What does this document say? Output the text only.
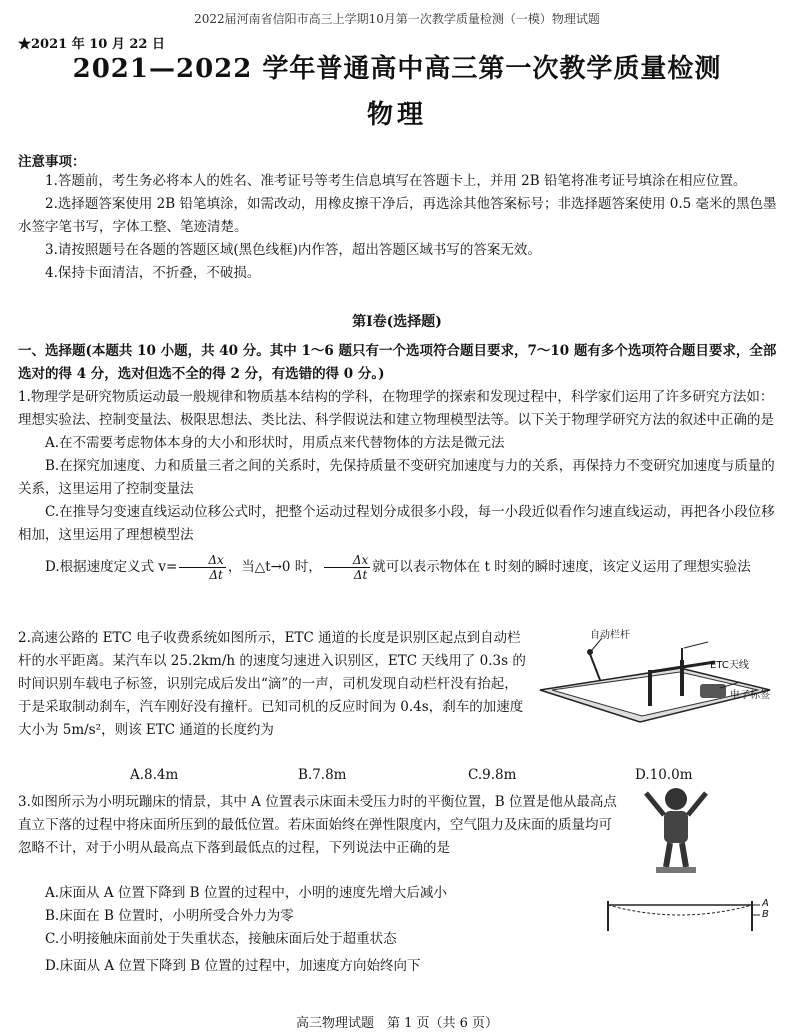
2022届河南省信阳市高三上学期10月第一次教学质量检测（一模）物理试题
★2021 年 10 月 22 日
2021—2022 学年普通高中高三第一次教学质量检测
物理
注意事项：
1.答题前，考生务必将本人的姓名、准考证号等考生信息填写在答题卡上，并用 2B 铅笔将准考证号填涂在相应位置。
2.选择题答案使用 2B 铅笔填涂，如需改动，用橡皮擦干净后，再选涂其他答案标号；非选择题答案使用 0.5 毫米的黑色墨水签字笔书写，字体工整、笔迹清楚。
3.请按照题号在各题的答题区域(黑色线框)内作答，超出答题区域书写的答案无效。
4.保持卡面清洁，不折叠，不破损。
第Ⅰ卷(选择题)
一、选择题(本题共 10 小题，共 40 分。其中 1～6 题只有一个选项符合题目要求，7～10 题有多个选项符合题目要求，全部选对的得 4 分，选对但选不全的得 2 分，有选错的得 0 分。)
1.物理学是研究物质运动最一般规律和物质基本结构的学科，在物理学的探索和发现过程中，科学家们运用了许多研究方法如：理想实验法、控制变量法、极限思想法、类比法、科学假说法和建立物理模型法等。以下关于物理学研究方法的叙述中正确的是
A.在不需要考虑物体本身的大小和形状时，用质点来代替物体的方法是微元法
B.在探究加速度、力和质量三者之间的关系时，先保持质量不变研究加速度与力的关系，再保持力不变研究加速度与质量的关系，这里运用了控制变量法
C.在推导匀变速直线运动位移公式时，把整个运动过程划分成很多小段，每一小段近似看作匀速直线运动，再把各小段位移相加，这里运用了理想模型法
D.根据速度定义式 $v= \frac{\Delta x}{\Delta t}$ ，当△t→0 时， $\frac{\Delta x}{\Delta t}$ 就可以表示物体在 t 时刻的瞬时速度，该定义运用了理想实验法
2.高速公路的 ETC 电子收费系统如图所示，ETC 通道的长度是识别区起点到自动栏杆的水平距离。某汽车以 25.2km/h 的速度匀速进入识别区，ETC 天线用了 0.3s 的时间识别车载电子标签，识别完成后发出“滴”的一声，司机发现自动栏杆没有抬起，于是采取制动刹车，汽车刚好没有撞杆。已知司机的反应时间为 0.4s，刹车的加速度大小为 5m/s²，则该 ETC 通道的长度约为
自动栏杆
ETC天线
电子标签
A.8.4m	B.7.8m	C.9.8m	D.10.0m
3.如图所示为小明玩蹦床的情景，其中 A 位置表示床面未受压力时的平衡位置，B 位置是他从最高点直立下落的过程中将床面所压到的最低位置。若床面始终在弹性限度内，空气阻力及床面的质量均可忽略不计，对于小明从最高点下落到最低点的过程，下列说法中正确的是
A
B
A.床面从 A 位置下降到 B 位置的过程中，小明的速度先增大后减小
B.床面在 B 位置时，小明所受合外力为零
C.小明接触床面前处于失重状态，接触床面后处于超重状态
D.床面从 A 位置下降到 B 位置的过程中，加速度方向始终向下
高三物理试题　第 1 页（共 6 页）
